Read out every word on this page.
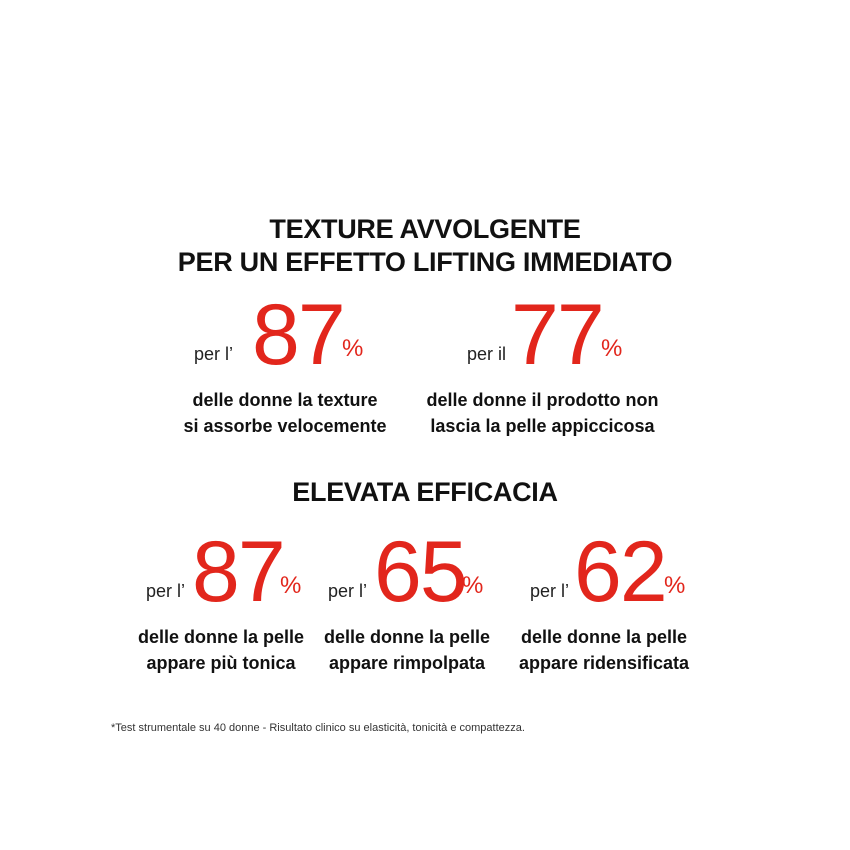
TEXTURE AVVOLGENTE
PER UN EFFETTO LIFTING IMMEDIATO
per l’ 87
%
delle donne la texture
si assorbe velocemente
per il 77
%
delle donne il prodotto non
lascia la pelle appiccicosa
ELEVATA EFFICACIA
per l’ 87
%
delle donne la pelle
appare più tonica
per l’ 65
%
delle donne la pelle
appare rimpolpata
per l’ 62
%
delle donne la pelle
appare ridensificata
*Test strumentale su 40 donne - Risultato clinico su elasticità, tonicità e compattezza.
